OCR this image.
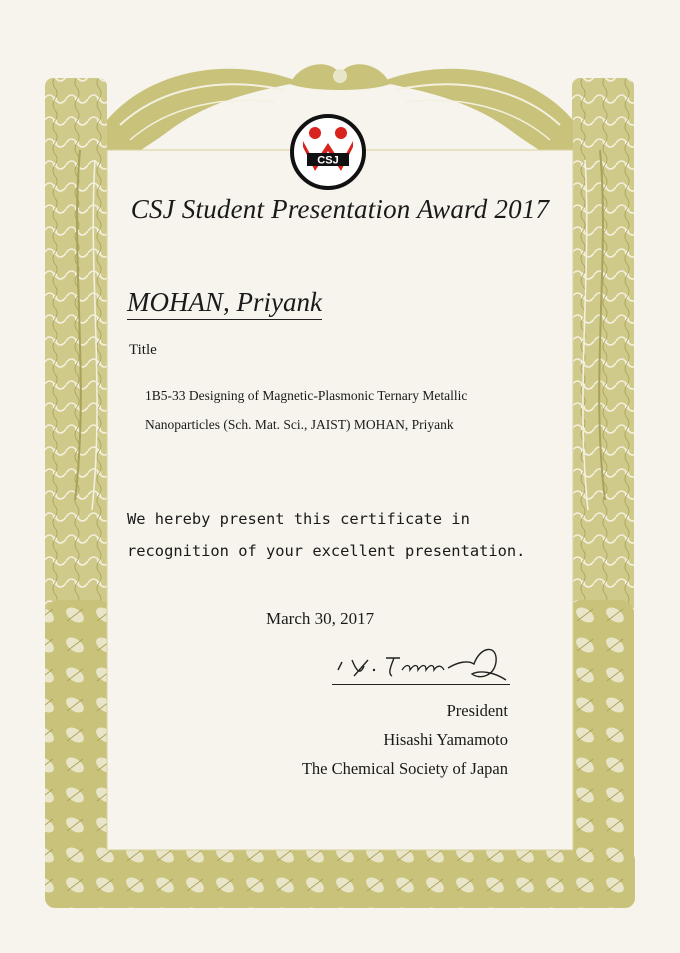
CSJ
CSJ Student Presentation Award 2017
MOHAN, Priyank
Title
1B5-33 Designing of Magnetic-Plasmonic Ternary Metallic
Nanoparticles (Sch. Mat. Sci., JAIST) MOHAN, Priyank
We hereby present this certificate in
recognition of your excellent presentation.
March 30, 2017
President
Hisashi Yamamoto
The Chemical Society of Japan
